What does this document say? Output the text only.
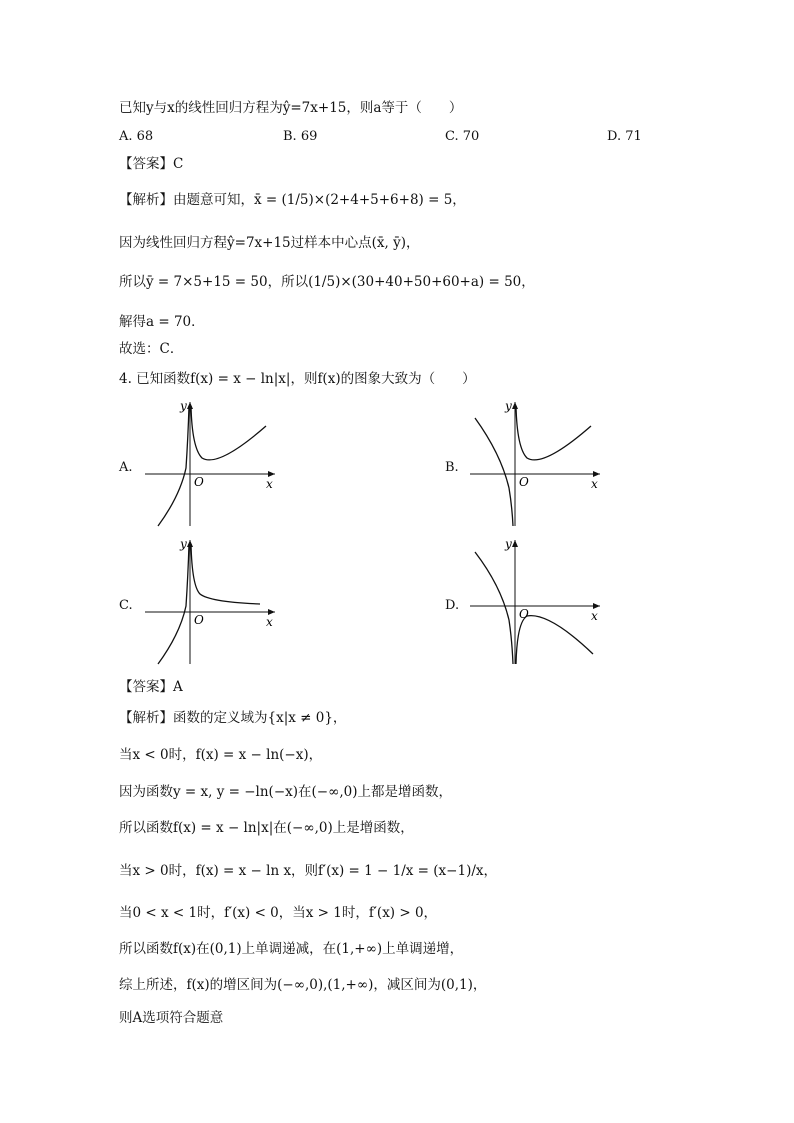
已知y与x的线性回归方程为ŷ=7x+15，则a等于（　　）
A. 68	B. 69	C. 70	D. 71
【答案】C
【解析】由题意可知，x̄ = (1/5)×(2+4+5+6+8) = 5，
因为线性回归方程ŷ=7x+15过样本中心点(x̄, ȳ)，
所以ȳ = 7×5+15 = 50，所以(1/5)×(30+40+50+60+a) = 50，
解得a = 70．
故选：C．
4. 已知函数f(x) = x − ln|x|，则f(x)的图象大致为（　　）
A.
y
x
O
B.
y
x
O
C.
y
x
O
D.
y
x
O
【答案】A
【解析】函数的定义域为{x|x ≠ 0}，
当x < 0时，f(x) = x − ln(−x)，
因为函数y = x, y = −ln(−x)在(−∞,0)上都是增函数，
所以函数f(x) = x − ln|x|在(−∞,0)上是增函数，
当x > 0时，f(x) = x − ln x，则f′(x) = 1 − 1/x = (x−1)/x，
当0 < x < 1时，f′(x) < 0，当x > 1时，f′(x) > 0，
所以函数f(x)在(0,1)上单调递减，在(1,+∞)上单调递增，
综上所述，f(x)的增区间为(−∞,0),(1,+∞)，减区间为(0,1)，
则A选项符合题意
